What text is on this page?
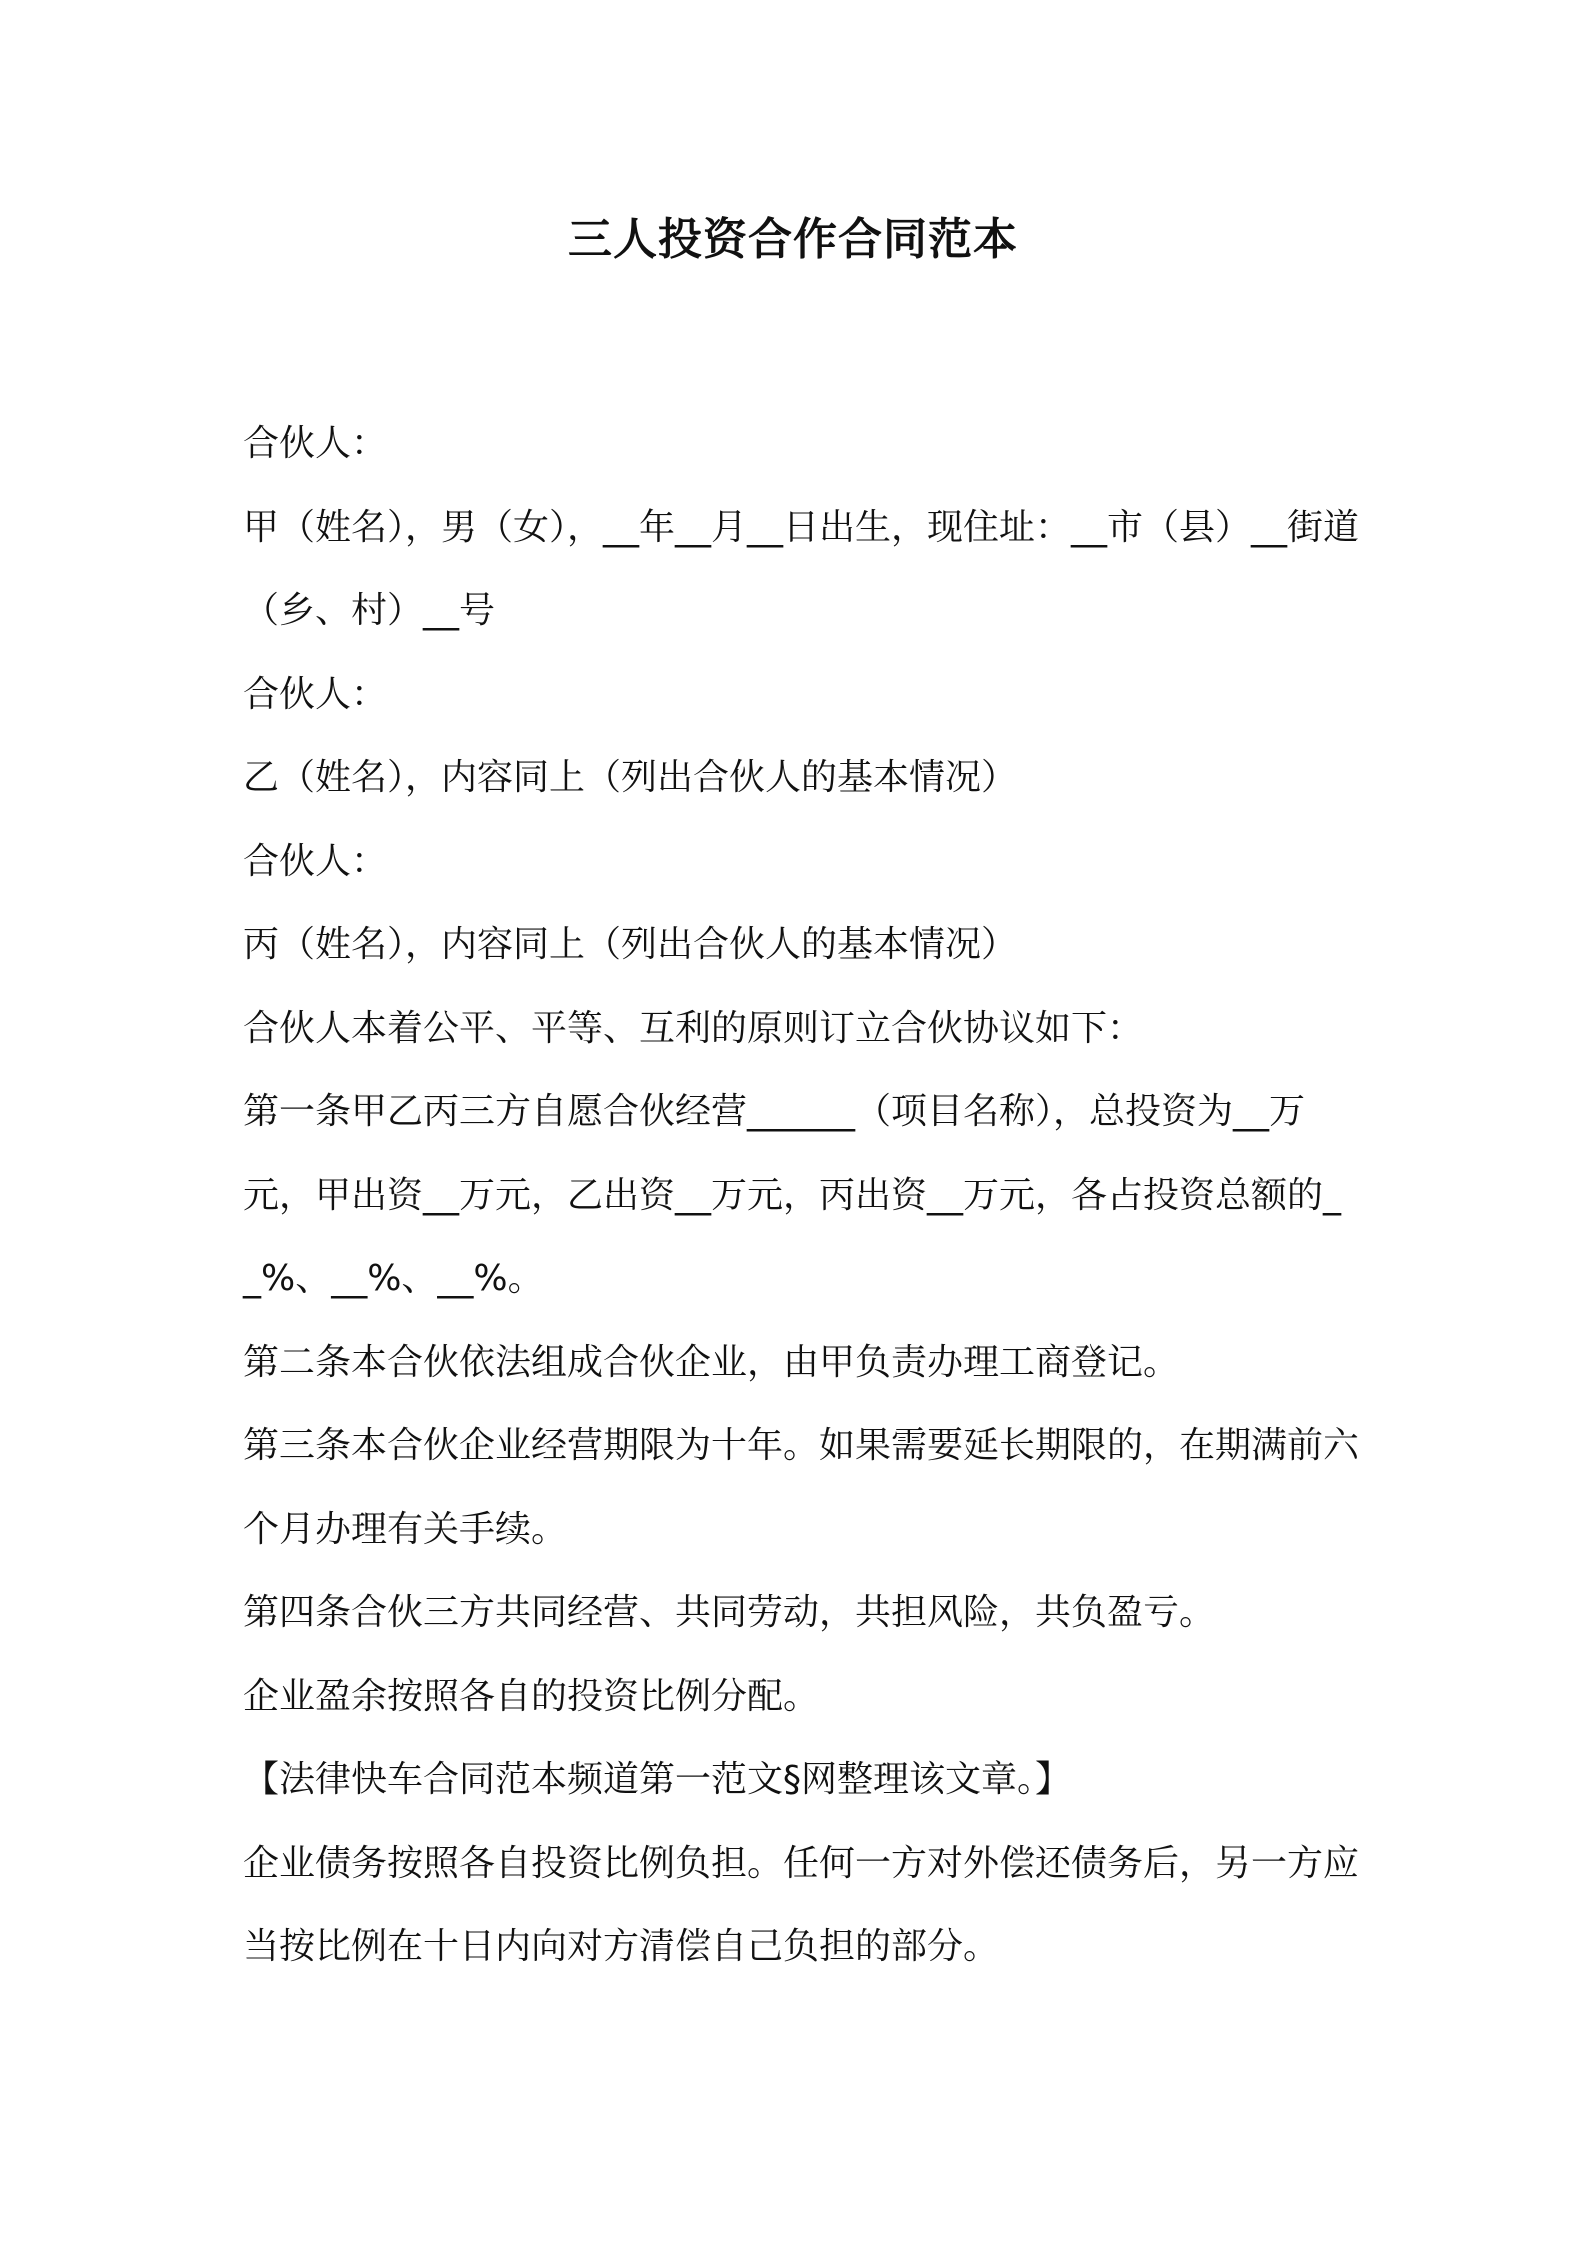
三人投资合作合同范本

合伙人：

甲（姓名），男（女），__年__月__日出生，现住址：__市（县）__街道（乡、村）__号

合伙人：

乙（姓名），内容同上（列出合伙人的基本情况）

合伙人：

丙（姓名），内容同上（列出合伙人的基本情况）

合伙人本着公平、平等、互利的原则订立合伙协议如下：

第一条甲乙丙三方自愿合伙经营______（项目名称），总投资为__万元，甲出资__万元，乙出资__万元，丙出资__万元，各占投资总额的__%、__%、__%。

第二条本合伙依法组成合伙企业，由甲负责办理工商登记。

第三条本合伙企业经营期限为十年。如果需要延长期限的，在期满前六个月办理有关手续。

第四条合伙三方共同经营、共同劳动，共担风险，共负盈亏。

企业盈余按照各自的投资比例分配。

【法律快车合同范本频道第一范文§网整理该文章。】

企业债务按照各自投资比例负担。任何一方对外偿还债务后，另一方应当按比例在十日内向对方清偿自己负担的部分。
